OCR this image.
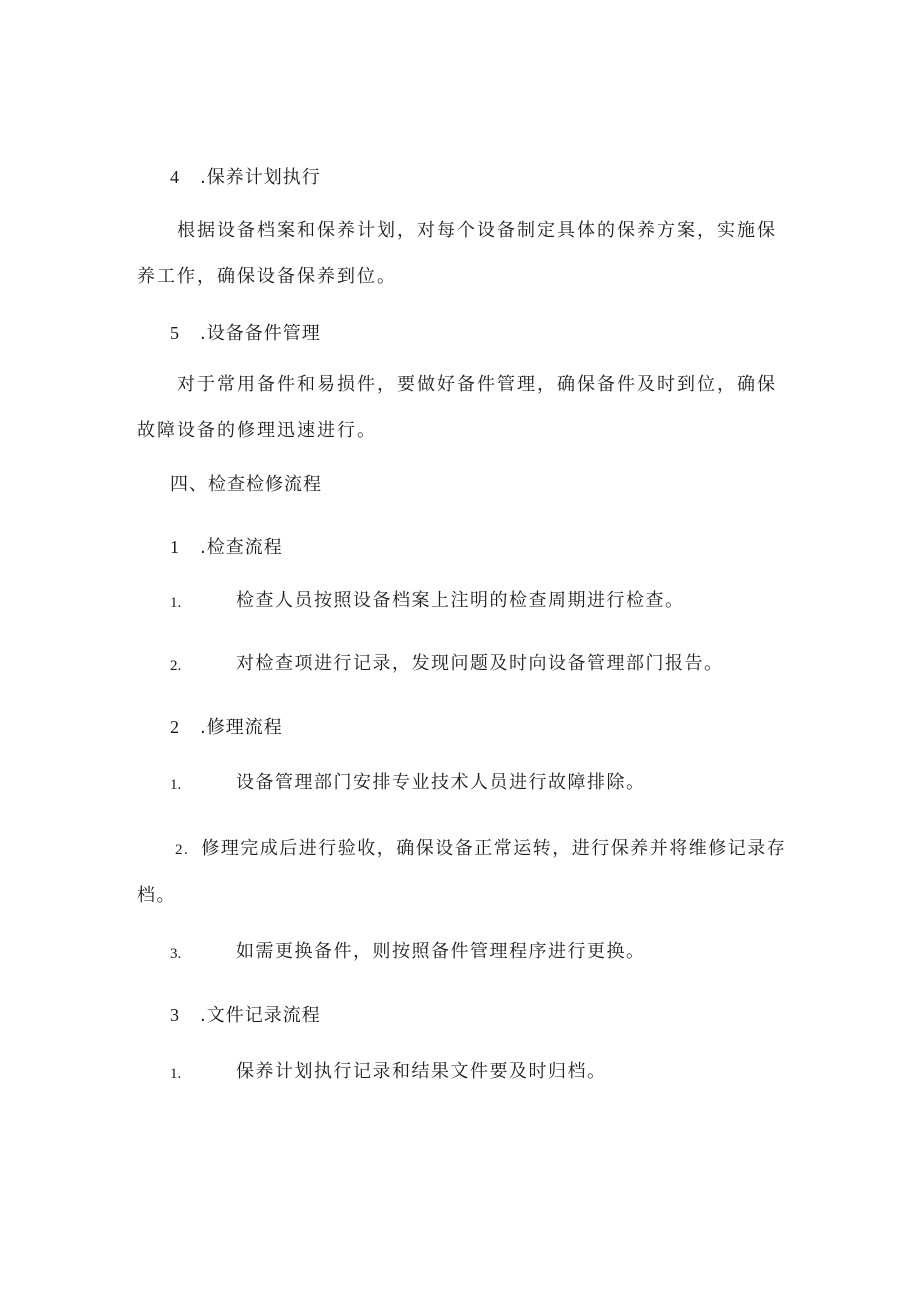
4 .保养计划执行
根据设备档案和保养计划，对每个设备制定具体的保养方案，实施保养工作，确保设备保养到位。
5 .设备备件管理
对于常用备件和易损件，要做好备件管理，确保备件及时到位，确保故障设备的修理迅速进行。
四、检查检修流程
1 .检查流程
1.	检查人员按照设备档案上注明的检查周期进行检查。
2.	对检查项进行记录，发现问题及时向设备管理部门报告。
2 .修理流程
1.	设备管理部门安排专业技术人员进行故障排除。
2. 修理完成后进行验收，确保设备正常运转，进行保养并将维修记录存档。
3.	如需更换备件，则按照备件管理程序进行更换。
3 .文件记录流程
1.	保养计划执行记录和结果文件要及时归档。
